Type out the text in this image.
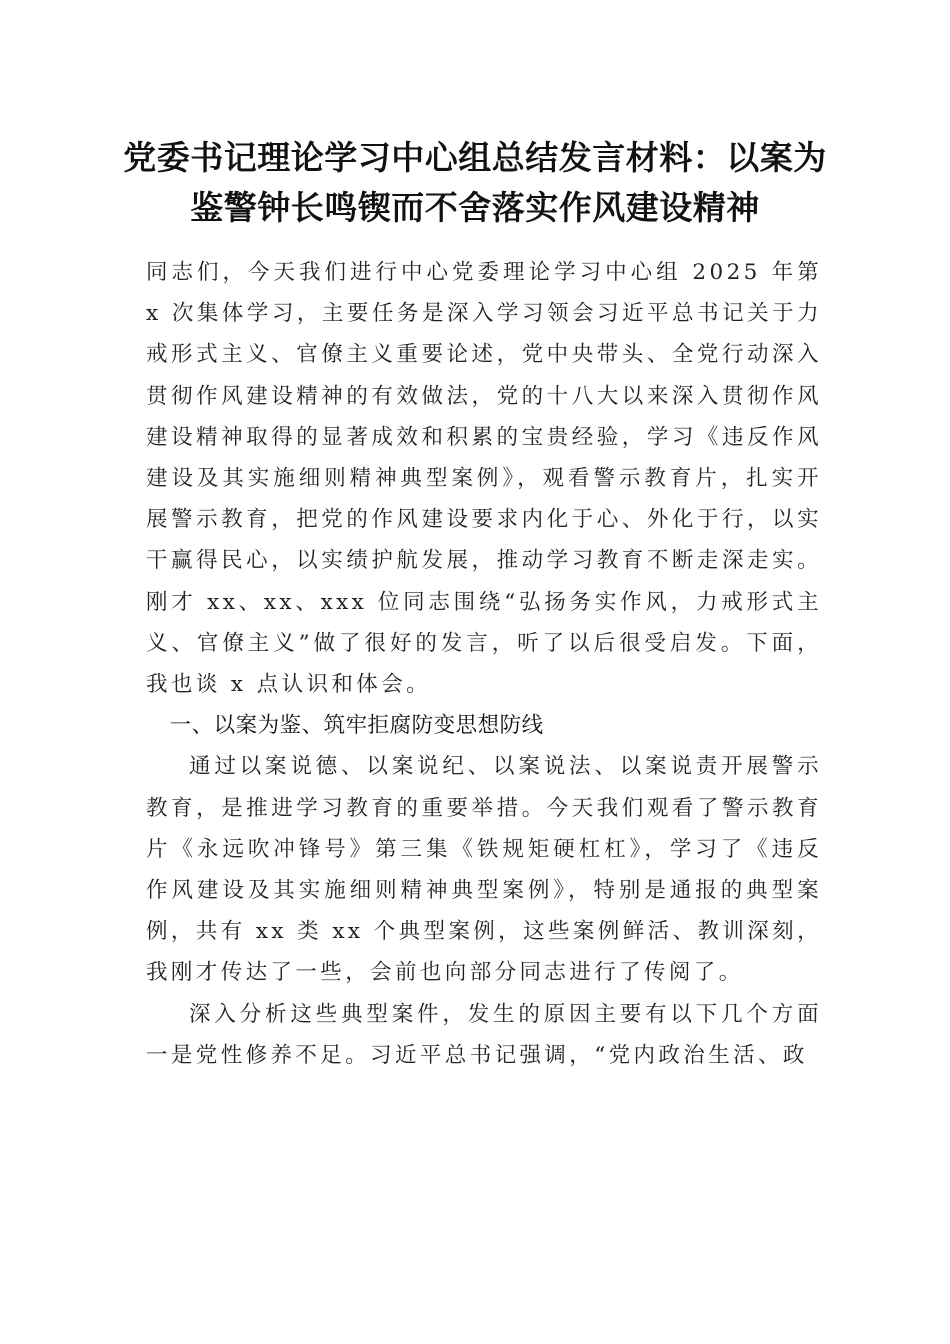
党委书记理论学习中心组总结发言材料：以案为鉴警钟长鸣锲而不舍落实作风建设精神

同志们，今天我们进行中心党委理论学习中心组 2025 年第 x 次集体学习，主要任务是深入学习领会习近平总书记关于力戒形式主义、官僚主义重要论述，党中央带头、全党行动深入贯彻作风建设精神的有效做法，党的十八大以来深入贯彻作风建设精神取得的显著成效和积累的宝贵经验，学习《违反作风建设及其实施细则精神典型案例》，观看警示教育片，扎实开展警示教育，把党的作风建设要求内化于心、外化于行，以实干赢得民心，以实绩护航发展，推动学习教育不断走深走实。刚才 xx、xx、xxx 位同志围绕“弘扬务实作风，力戒形式主义、官僚主义”做了很好的发言，听了以后很受启发。下面，我也谈 x 点认识和体会。

一、以案为鉴、筑牢拒腐防变思想防线

通过以案说德、以案说纪、以案说法、以案说责开展警示教育，是推进学习教育的重要举措。今天我们观看了警示教育片《永远吹冲锋号》第三集《铁规矩硬杠杠》，学习了《违反作风建设及其实施细则精神典型案例》，特别是通报的典型案例，共有 xx 类 xx 个典型案例，这些案例鲜活、教训深刻，我刚才传达了一些，会前也向部分同志进行了传阅了。

深入分析这些典型案件，发生的原因主要有以下几个方面一是党性修养不足。习近平总书记强调，“党内政治生活、政
